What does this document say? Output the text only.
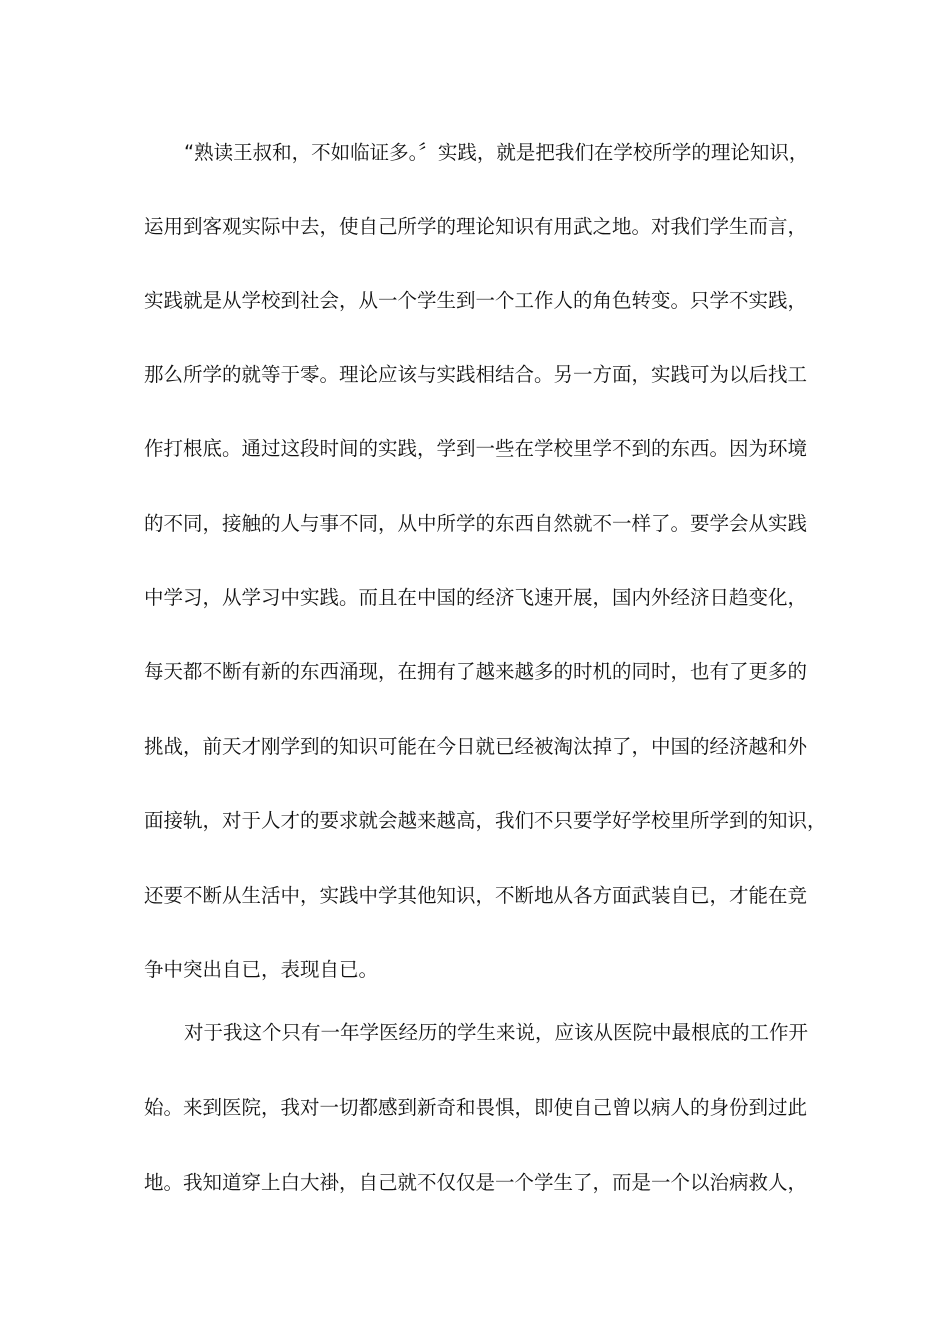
“熟读王叔和，不如临证多。〞实践，就是把我们在学校所学的理论知识，
运用到客观实际中去，使自己所学的理论知识有用武之地。对我们学生而言，
实践就是从学校到社会，从一个学生到一个工作人的角色转变。只学不实践，
那么所学的就等于零。理论应该与实践相结合。另一方面，实践可为以后找工
作打根底。通过这段时间的实践，学到一些在学校里学不到的东西。因为环境
的不同，接触的人与事不同，从中所学的东西自然就不一样了。要学会从实践
中学习，从学习中实践。而且在中国的经济飞速开展，国内外经济日趋变化，
每天都不断有新的东西涌现，在拥有了越来越多的时机的同时，也有了更多的
挑战，前天才刚学到的知识可能在今日就已经被淘汰掉了，中国的经济越和外
面接轨，对于人才的要求就会越来越高，我们不只要学好学校里所学到的知识，
还要不断从生活中，实践中学其他知识，不断地从各方面武装自已，才能在竞
争中突出自已，表现自已。
对于我这个只有一年学医经历的学生来说，应该从医院中最根底的工作开
始。来到医院，我对一切都感到新奇和畏惧，即使自己曾以病人的身份到过此
地。我知道穿上白大褂，自己就不仅仅是一个学生了，而是一个以治病救人，
